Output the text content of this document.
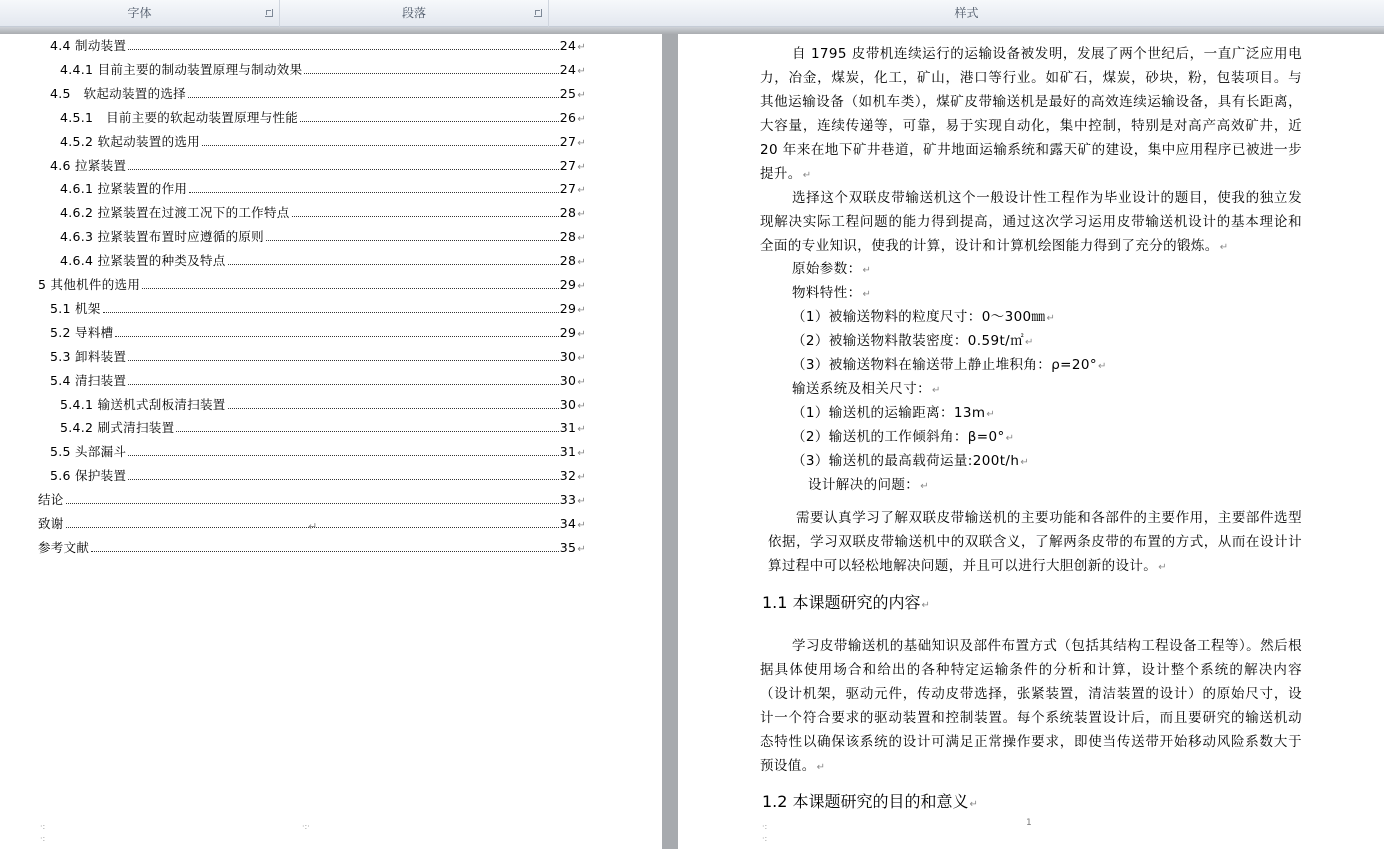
字体	段落	样式
4.4 制动装置	24 ↵
4.4.1 目前主要的制动装置原理与制动效果	24 ↵
4.5　软起动装置的选择	25 ↵
4.5.1　目前主要的软起动装置原理与性能	26 ↵
4.5.2 软起动装置的选用	27 ↵
4.6 拉紧装置	27 ↵
4.6.1 拉紧装置的作用	27 ↵
4.6.2 拉紧装置在过渡工况下的工作特点	28 ↵
4.6.3 拉紧装置布置时应遵循的原则	28 ↵
4.6.4 拉紧装置的种类及特点	28 ↵
5 其他机件的选用	29 ↵
5.1 机架	29 ↵
5.2 导料槽	29 ↵
5.3 卸料装置	30 ↵
5.4 清扫装置	30 ↵
5.4.1 输送机式刮板清扫装置	30 ↵
5.4.2 刷式清扫装置	31 ↵
5.5 头部漏斗	31 ↵
5.6 保护装置	32 ↵
结论	33 ↵
致谢	34 ↵
参考文献	35 ↵
↵
·:
·:
·:·
自 1795 皮带机连续运行的运输设备被发明，发展了两个世纪后，一直广泛应用电力，冶金，煤炭，化工，矿山，港口等行业。如矿石，煤炭，砂块，粉，包装项目。与其他运输设备（如机车类），煤矿皮带输送机是最好的高效连续运输设备，具有长距离，大容量，连续传递等，可靠，易于实现自动化，集中控制，特别是对高产高效矿井，近 20 年来在地下矿井巷道，矿井地面运输系统和露天矿的建设，集中应用程序已被进一步提升。↵
选择这个双联皮带输送机这个一般设计性工程作为毕业设计的题目，使我的独立发现解决实际工程问题的能力得到提高，通过这次学习运用皮带输送机设计的基本理论和全面的专业知识，使我的计算，设计和计算机绘图能力得到了充分的锻炼。↵
原始参数：↵
物料特性：↵
（1）被输送物料的粒度尺寸：0～300㎜↵
（2）被输送物料散装密度：0.59t/㎡↵
（3）被输送物料在输送带上静止堆积角：ρ=20°↵
输送系统及相关尺寸：↵
（1）输送机的运输距离：13m↵
（2）输送机的工作倾斜角：β=0°↵
（3）输送机的最高载荷运量:200t/h↵
设计解决的问题：↵
需要认真学习了解双联皮带输送机的主要功能和各部件的主要作用，主要部件选型依据，学习双联皮带输送机中的双联含义，了解两条皮带的布置的方式，从而在设计计算过程中可以轻松地解决问题，并且可以进行大胆创新的设计。↵
1.1 本课题研究的内容↵
学习皮带输送机的基础知识及部件布置方式（包括其结构工程设备工程等）。然后根据具体使用场合和给出的各种特定运输条件的分析和计算，设计整个系统的解决内容（设计机架，驱动元件，传动皮带选择，张紧装置，清洁装置的设计）的原始尺寸，设计一个符合要求的驱动装置和控制装置。每个系统装置设计后，而且要研究的输送机动态特性以确保该系统的设计可满足正常操作要求，即使当传送带开始移动风险系数大于预设值。↵
1.2 本课题研究的目的和意义↵
1
·:
·:
